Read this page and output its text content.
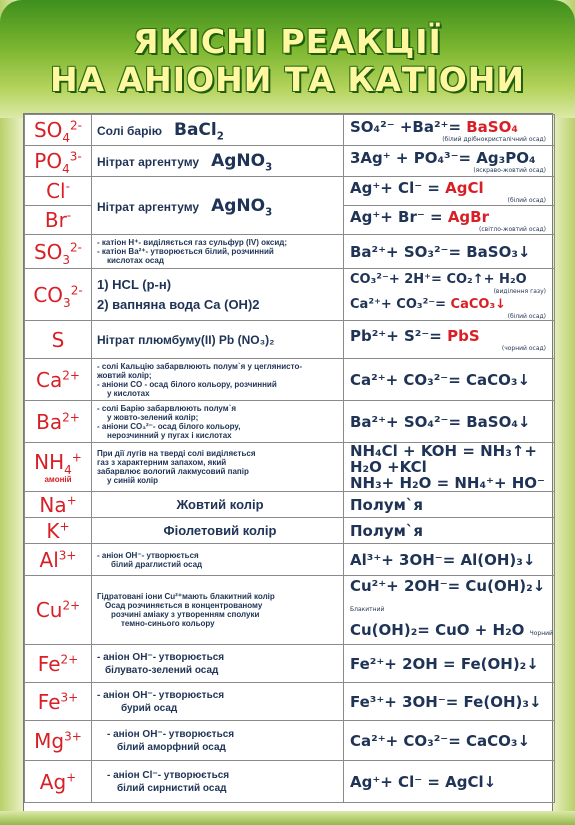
ЯКІСНІ РЕАКЦІЇ
НА АНІОНИ ТА КАТІОНИ
$SO_4^{2-}$	Солі барію BaCl$_2$	SO₄²⁻ +Ba²⁺= BaSO₄
(білий дрібнокристалічний осад)

$PO_4^{3-}$	Нітрат аргентуму AgNO$_3$	3Ag⁺ + PO₄³⁻= Ag₃PO₄
(яскраво-жовтий осад)

Cl-	Нітрат аргентуму AgNO$_3$	Ag⁺+ Cl⁻ = AgCl
(білий осад)

Br-		Ag⁺+ Br⁻ = AgBr
(світло-жовтий осад)

$SO_3^{2-}$	- катіон H⁺- виділяється газ сульфур (IV) оксид;
- катіон Ba²⁺- утворюється білий, розчинний
кислотах осад	Ba²⁺+ SO₃²⁻= BaSO₃↓
$CO_3^{2-}$	1) HCL (p-н)
2) вапняна вода Ca (OH)2	CO₃²⁻+ 2H⁺= CO₂↑+ H₂O
(виділення газу)
Ca²⁺+ CO₃²⁻= CaCO₃↓
(білий осад)

S	Нітрат плюмбуму(ІІ) Pb (NO₃)₂	Pb²⁺+ S²⁻= PbS
(чорний осад)

$Ca^{2+}$	- солі Кальцію забарвлюють полум`я у цеглянисто-
жовтий колір;
- аніони CO - осад білого кольору, розчинний
у кислотах	Ca²⁺+ CO₃²⁻= CaCO₃↓
$Ba^{2+}$	- солі Барію забарвлюють полум`я
у жовто-зелений колір;
- аніони CO₃²⁻- осад білого кольору,
нерозчинний у пугах і кислотах	Ba²⁺+ SO₄²⁻= BaSO₄↓
$NH_4^+$
амоній	При дії лугів на тверді солі виділяється
газ з характерним запахом, який
забарвлює вологий лакмусовий папір
у синій колір	NH₄Cl + KOH = NH₃↑+ H₂O +KCl
NH₃+ H₂O = NH₄⁺+ HO⁻

Na+	Жовтий колір	Полум`я
K+	Фіолетовий колір	Полум`я
$Al^{3+}$	- аніон OH⁻- утворюється
білий драглистий осад	Al³⁺+ 3OH⁻= Al(OH)₃↓
$Cu^{2+}$	Гідратовані іони Cu²⁺мають блакитний колір
Осад розчиняється в концентрованому
розчині аміаку з утворенням сполуки
темно-синього кольору	Cu²⁺+ 2OH⁻= Cu(OH)₂↓ Блакитний
Cu(OH)₂= CuO + H₂O Чорний

$Fe^{2+}$	- аніон OH⁻- утворюється
білувато-зелений осад	Fe²⁺+ 2OH = Fe(OH)₂↓
$Fe^{3+}$	- аніон OH⁻- утворюється
бурий осад	Fe³⁺+ 3OH⁻= Fe(OH)₃↓
$Mg^{3+}$	- аніон OH⁻- утворюється
білий аморфний осад	Ca²⁺+ CO₃²⁻= CaCO₃↓
Ag+	- аніон Cl⁻- утворюється
білий сирнистий осад	Ag⁺+ Cl⁻ = AgCl↓
